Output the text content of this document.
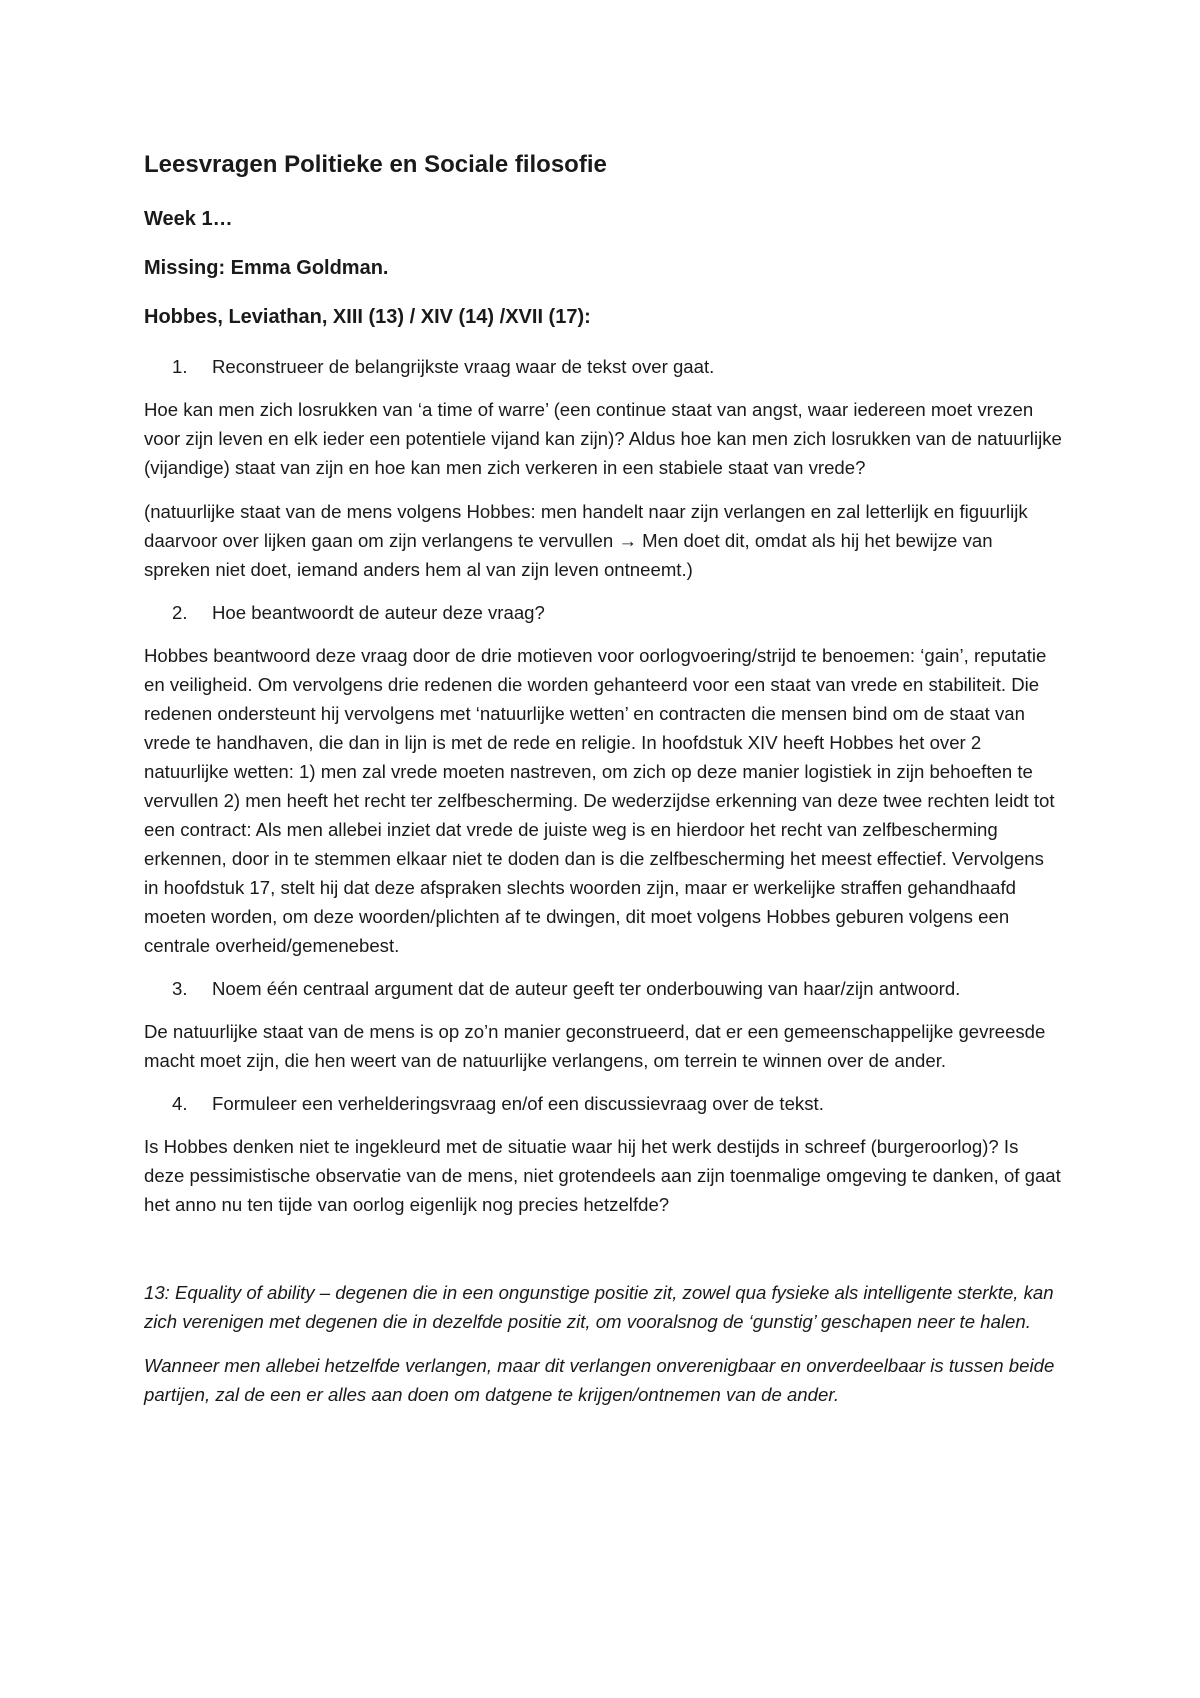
Leesvragen Politieke en Sociale filosofie
Week 1…
Missing: Emma Goldman.
Hobbes, Leviathan, XIII (13) / XIV (14) /XVII (17):
1. Reconstrueer de belangrijkste vraag waar de tekst over gaat.
Hoe kan men zich losrukken van ‘a time of warre’ (een continue staat van angst, waar iedereen moet vrezen voor zijn leven en elk ieder een potentiele vijand kan zijn)? Aldus hoe kan men zich losrukken van de natuurlijke (vijandige) staat van zijn en hoe kan men zich verkeren in een stabiele staat van vrede?
(natuurlijke staat van de mens volgens Hobbes: men handelt naar zijn verlangen en zal letterlijk en figuurlijk daarvoor over lijken gaan om zijn verlangens te vervullen → Men doet dit, omdat als hij het bewijze van spreken niet doet, iemand anders hem al van zijn leven ontneemt.)
2. Hoe beantwoordt de auteur deze vraag?
Hobbes beantwoord deze vraag door de drie motieven voor oorlogvoering/strijd te benoemen: ‘gain’, reputatie en veiligheid. Om vervolgens drie redenen die worden gehanteerd voor een staat van vrede en stabiliteit. Die redenen ondersteunt hij vervolgens met ‘natuurlijke wetten’ en contracten die mensen bind om de staat van vrede te handhaven, die dan in lijn is met de rede en religie. In hoofdstuk XIV heeft Hobbes het over 2 natuurlijke wetten: 1) men zal vrede moeten nastreven, om zich op deze manier logistiek in zijn behoeften te vervullen 2) men heeft het recht ter zelfbescherming. De wederzijdse erkenning van deze twee rechten leidt tot een contract: Als men allebei inziet dat vrede de juiste weg is en hierdoor het recht van zelfbescherming erkennen, door in te stemmen elkaar niet te doden dan is die zelfbescherming het meest effectief. Vervolgens in hoofdstuk 17, stelt hij dat deze afspraken slechts woorden zijn, maar er werkelijke straffen gehandhaafd moeten worden, om deze woorden/plichten af te dwingen, dit moet volgens Hobbes geburen volgens een centrale overheid/gemenebest.
3. Noem één centraal argument dat de auteur geeft ter onderbouwing van haar/zijn antwoord.
De natuurlijke staat van de mens is op zo’n manier geconstrueerd, dat er een gemeenschappelijke gevreesde macht moet zijn, die hen weert van de natuurlijke verlangens, om terrein te winnen over de ander.
4. Formuleer een verhelderingsvraag en/of een discussievraag over de tekst.
Is Hobbes denken niet te ingekleurd met de situatie waar hij het werk destijds in schreef (burgeroorlog)? Is deze pessimistische observatie van de mens, niet grotendeels aan zijn toenmalige omgeving te danken, of gaat het anno nu ten tijde van oorlog eigenlijk nog precies hetzelfde?
13: Equality of ability – degenen die in een ongunstige positie zit, zowel qua fysieke als intelligente sterkte, kan zich verenigen met degenen die in dezelfde positie zit, om vooralsnog de ‘gunstig’ geschapen neer te halen.
Wanneer men allebei hetzelfde verlangen, maar dit verlangen onverenigbaar en onverdeelbaar is tussen beide partijen, zal de een er alles aan doen om datgene te krijgen/ontnemen van de ander.
